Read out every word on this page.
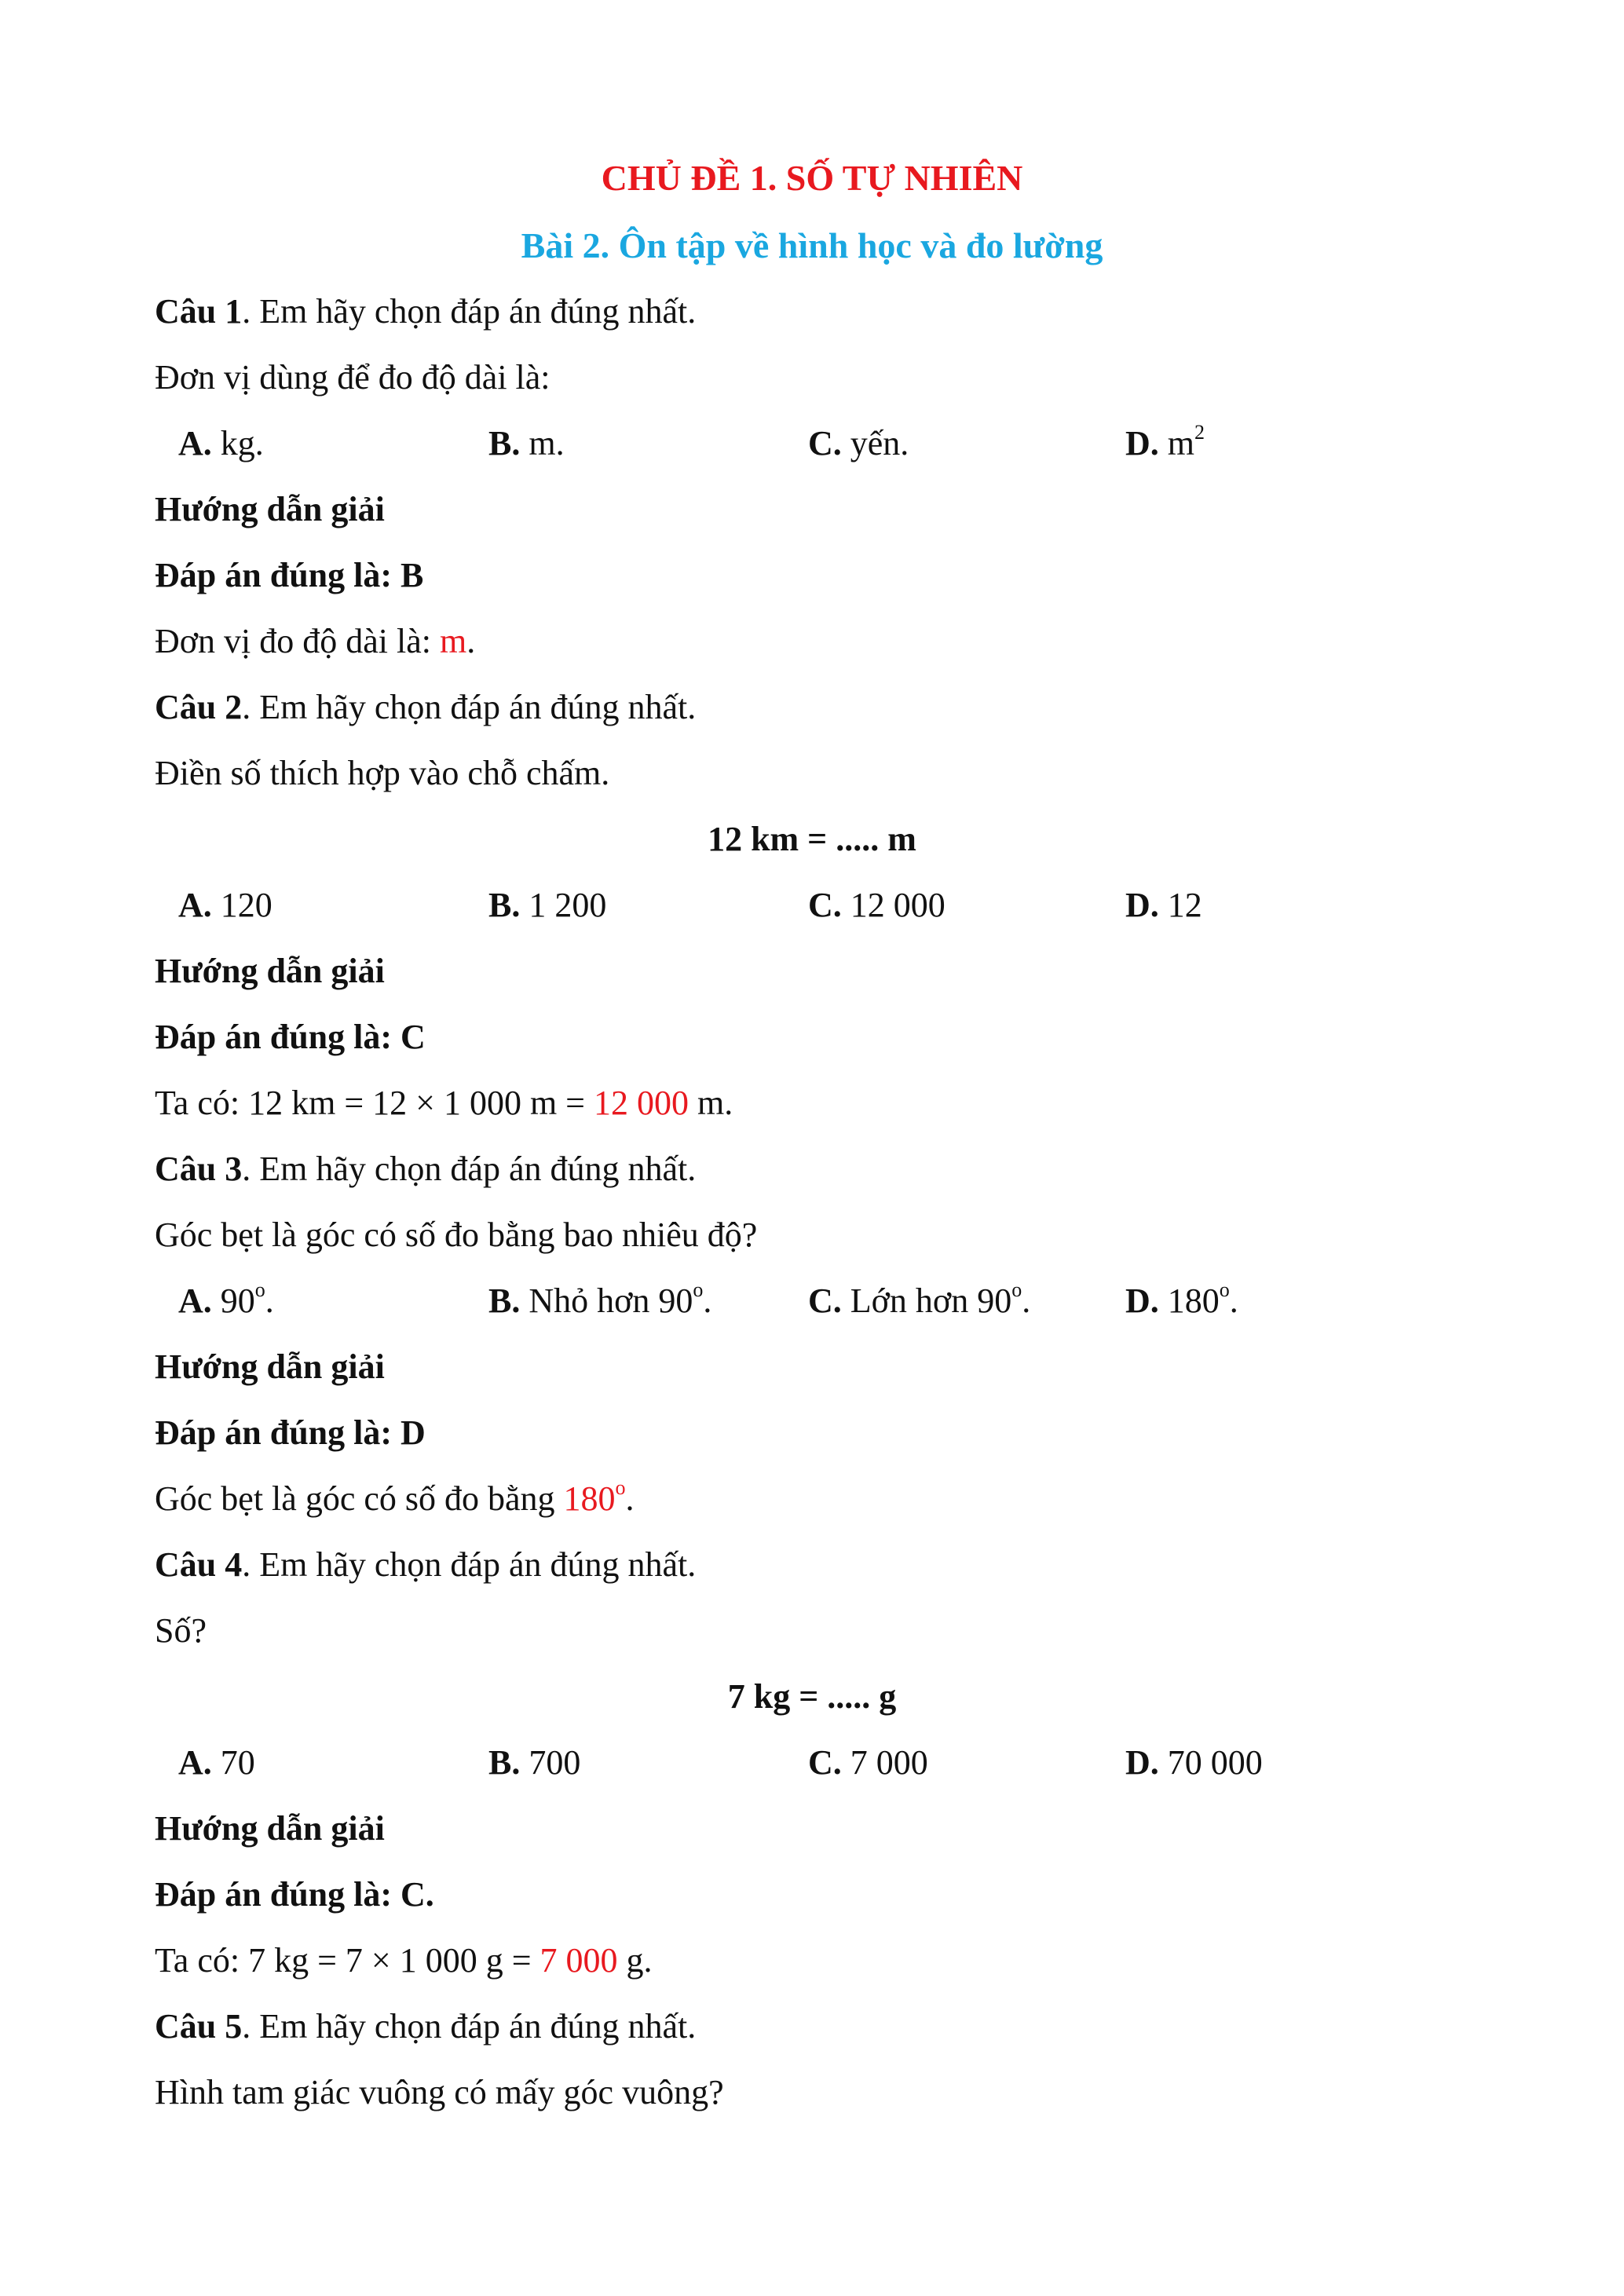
CHỦ ĐỀ 1. SỐ TỰ NHIÊN
Bài 2. Ôn tập về hình học và đo lường
Câu 1. Em hãy chọn đáp án đúng nhất.
Đơn vị dùng để đo độ dài là:
A. kg.	B. m.	C. yến.	D. $m^2$
Hướng dẫn giải
Đáp án đúng là: B
Đơn vị đo độ dài là: m.
Câu 2. Em hãy chọn đáp án đúng nhất.
Điền số thích hợp vào chỗ chấm.
12 km = ..... m
A. 120	B. 1 200	C. 12 000	D. 12
Hướng dẫn giải
Đáp án đúng là: C
Ta có: 12 km = 12 × 1 000 m = 12 000 m.
Câu 3. Em hãy chọn đáp án đúng nhất.
Góc bẹt là góc có số đo bằng bao nhiêu độ?
A. 90$^o$.	B. Nhỏ hơn 90$^o$.	C. Lớn hơn 90$^o$.	D. 180$^o$.
Hướng dẫn giải
Đáp án đúng là: D
Góc bẹt là góc có số đo bằng 180$^o$.
Câu 4. Em hãy chọn đáp án đúng nhất.
Số?
7 kg = ..... g
A. 70	B. 700	C. 7 000	D. 70 000
Hướng dẫn giải
Đáp án đúng là: C.
Ta có: 7 kg = 7 × 1 000 g = 7 000 g.
Câu 5. Em hãy chọn đáp án đúng nhất.
Hình tam giác vuông có mấy góc vuông?
